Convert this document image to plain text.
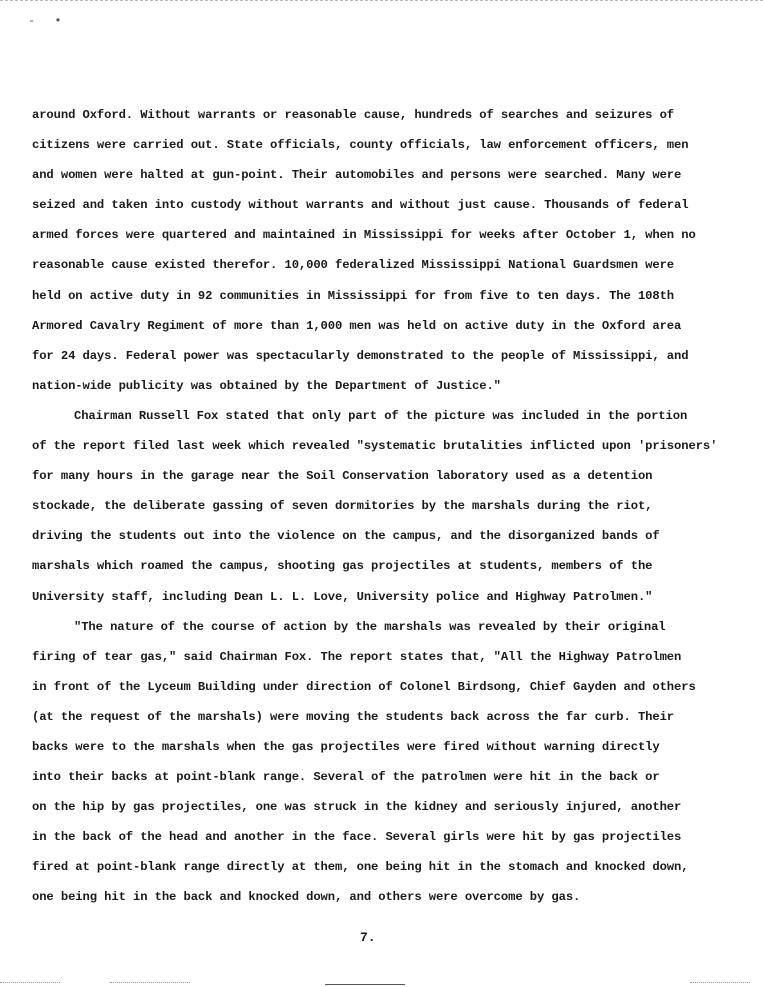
- •
around Oxford. Without warrants or reasonable cause, hundreds of searches and seizures of
citizens were carried out. State officials, county officials, law enforcement officers, men
and women were halted at gun-point. Their automobiles and persons were searched. Many were
seized and taken into custody without warrants and without just cause. Thousands of federal
armed forces were quartered and maintained in Mississippi for weeks after October 1, when no
reasonable cause existed therefor. 10,000 federalized Mississippi National Guardsmen were
held on active duty in 92 communities in Mississippi for from five to ten days. The 108th
Armored Cavalry Regiment of more than 1,000 men was held on active duty in the Oxford area
for 24 days. Federal power was spectacularly demonstrated to the people of Mississippi, and
nation-wide publicity was obtained by the Department of Justice."
Chairman Russell Fox stated that only part of the picture was included in the portion
of the report filed last week which revealed "systematic brutalities inflicted upon 'prisoners'
for many hours in the garage near the Soil Conservation laboratory used as a detention
stockade, the deliberate gassing of seven dormitories by the marshals during the riot,
driving the students out into the violence on the campus, and the disorganized bands of
marshals which roamed the campus, shooting gas projectiles at students, members of the
University staff, including Dean L. L. Love, University police and Highway Patrolmen."
"The nature of the course of action by the marshals was revealed by their original
firing of tear gas," said Chairman Fox. The report states that, "All the Highway Patrolmen
in front of the Lyceum Building under direction of Colonel Birdsong, Chief Gayden and others
(at the request of the marshals) were moving the students back across the far curb. Their
backs were to the marshals when the gas projectiles were fired without warning directly
into their backs at point-blank range. Several of the patrolmen were hit in the back or
on the hip by gas projectiles, one was struck in the kidney and seriously injured, another
in the back of the head and another in the face. Several girls were hit by gas projectiles
fired at point-blank range directly at them, one being hit in the stomach and knocked down,
one being hit in the back and knocked down, and others were overcome by gas.
7.
